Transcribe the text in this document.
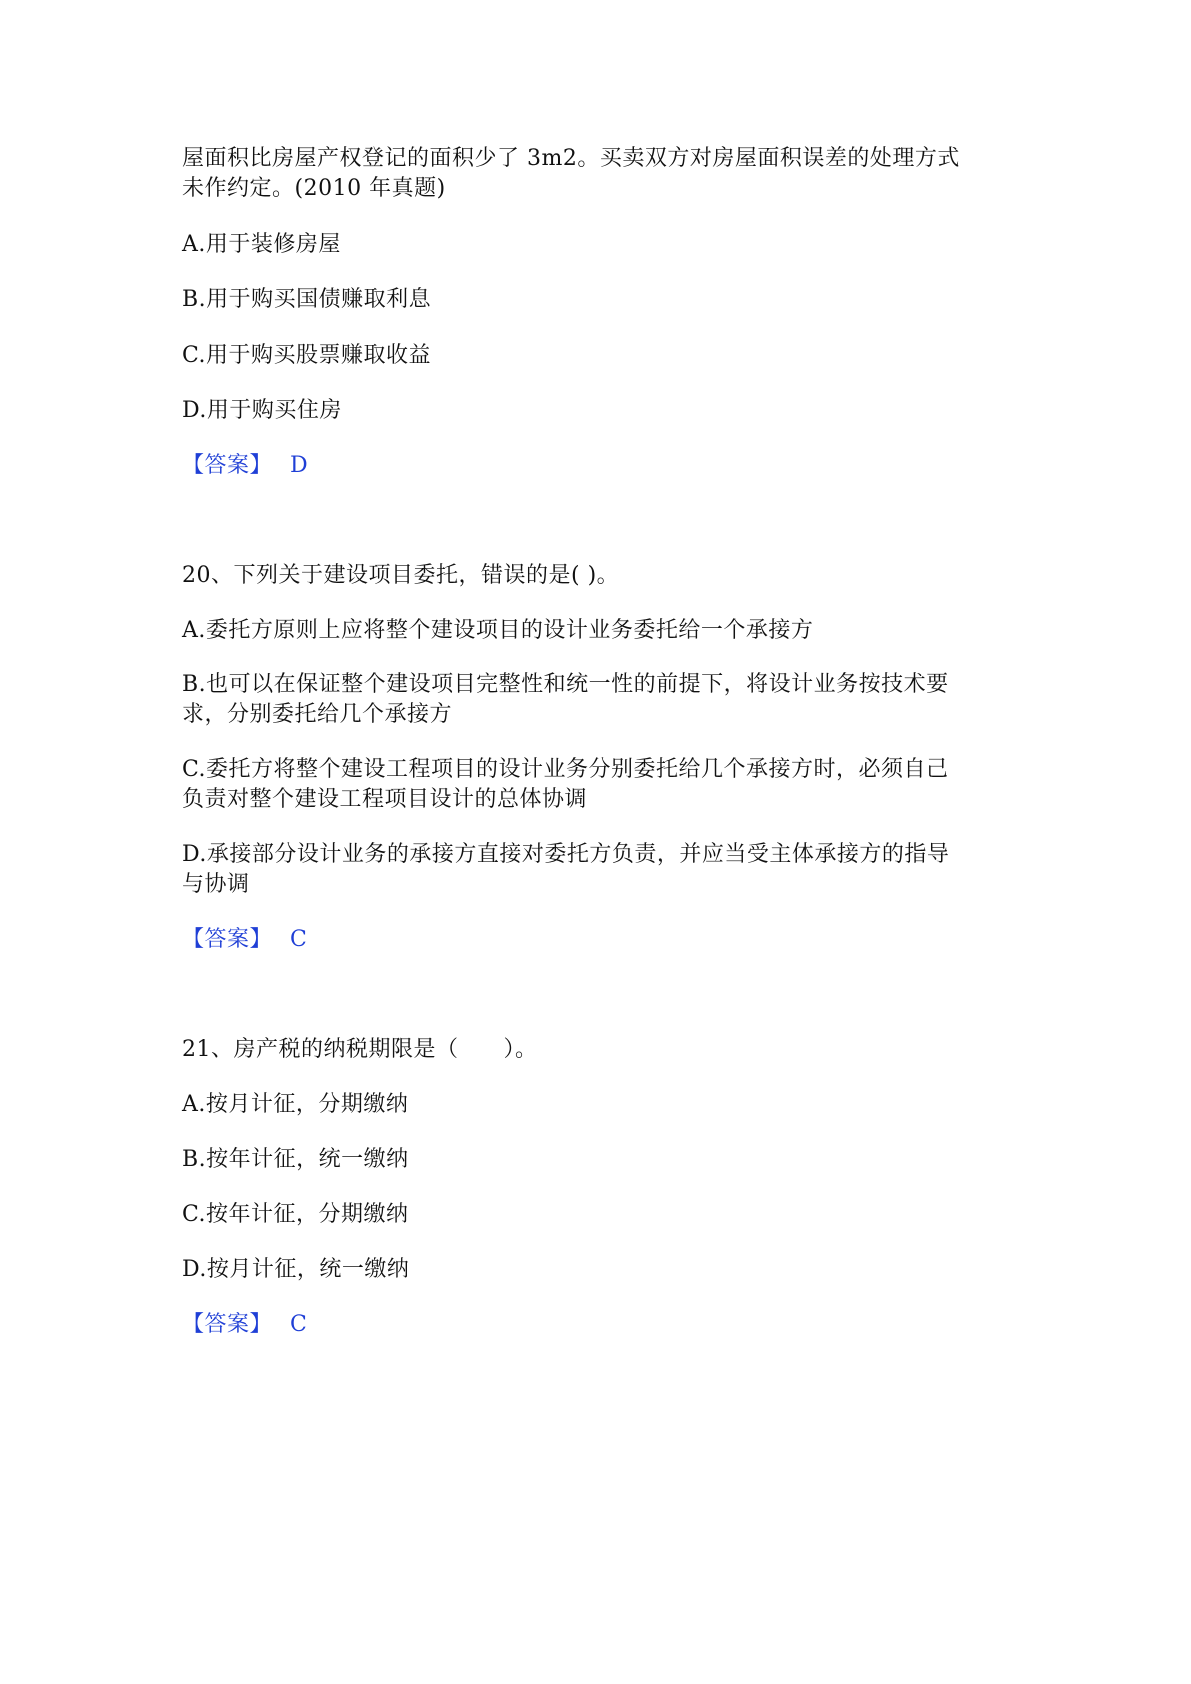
屋面积比房屋产权登记的面积少了 3m2。买卖双方对房屋面积误差的处理方式
未作约定。(2010 年真题)
A.用于装修房屋
B.用于购买国债赚取利息
C.用于购买股票赚取收益
D.用于购买住房
【答案】 D
20、下列关于建设项目委托，错误的是( )。
A.委托方原则上应将整个建设项目的设计业务委托给一个承接方
B.也可以在保证整个建设项目完整性和统一性的前提下，将设计业务按技术要
求，分别委托给几个承接方
C.委托方将整个建设工程项目的设计业务分别委托给几个承接方时，必须自己
负责对整个建设工程项目设计的总体协调
D.承接部分设计业务的承接方直接对委托方负责，并应当受主体承接方的指导
与协调
【答案】 C
21、房产税的纳税期限是（　　）。
A.按月计征，分期缴纳
B.按年计征，统一缴纳
C.按年计征，分期缴纳
D.按月计征，统一缴纳
【答案】 C
